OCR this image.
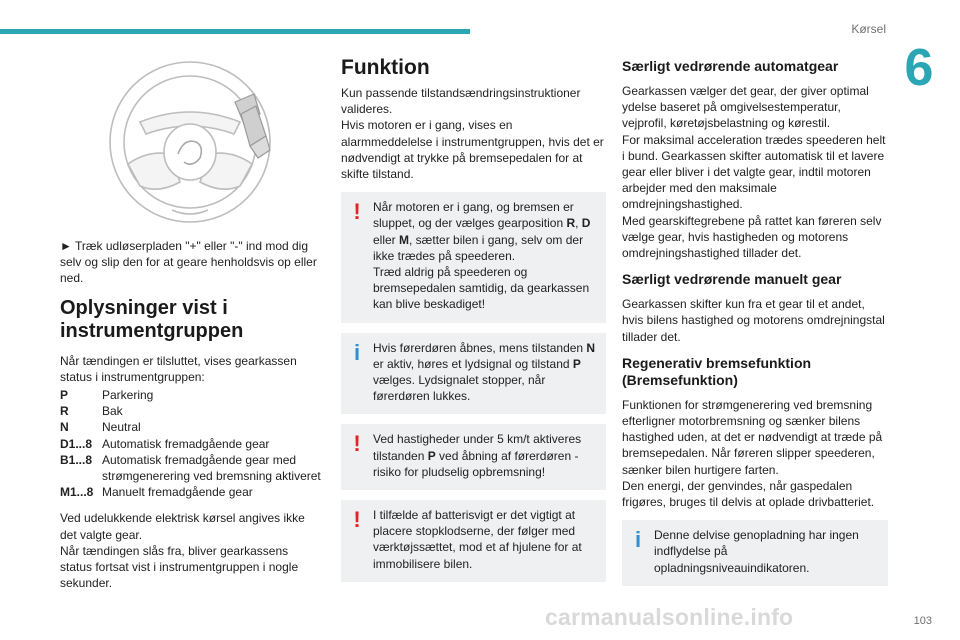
Kørsel
6

► Træk udløserpladen "+" eller "-" ind mod dig selv og slip den for at geare henholdsvis op eller ned.

Oplysninger vist i instrumentgruppen

Når tændingen er tilsluttet, vises gearkassen status i instrumentgruppen:

P	Parkering
R	Bak
N	Neutral
D1...8	Automatisk fremadgående gear
B1...8	Automatisk fremadgående gear med strømgenerering ved bremsning aktiveret
M1...8	Manuelt fremadgående gear

Ved udelukkende elektrisk kørsel angives ikke det valgte gear.

Når tændingen slås fra, bliver gearkassens status fortsat vist i instrumentgruppen i nogle sekunder.

Funktion

Kun passende tilstandsændringsinstruktioner valideres.

Hvis motoren er i gang, vises en alarmmeddelelse i instrumentgruppen, hvis det er nødvendigt at trykke på bremsepedalen for at skifte tilstand.

! Når motoren er i gang, og bremsen er sluppet, og der vælges gearposition R, D eller M, sætter bilen i gang, selv om der ikke trædes på speederen.
Træd aldrig på speederen og bremsepedalen samtidig, da gearkassen kan blive beskadiget!
i Hvis førerdøren åbnes, mens tilstanden N er aktiv, høres et lydsignal og tilstand P vælges. Lydsignalet stopper, når førerdøren lukkes.
! Ved hastigheder under 5 km/t aktiveres tilstanden P ved åbning af førerdøren - risiko for pludselig opbremsning!
! I tilfælde af batterisvigt er det vigtigt at placere stopklodserne, der følger med værktøjssættet, mod et af hjulene for at immobilisere bilen.
Særligt vedrørende automatgear

Gearkassen vælger det gear, der giver optimal ydelse baseret på omgivelsestemperatur, vejprofil, køretøjsbelastning og kørestil.

For maksimal acceleration trædes speederen helt i bund. Gearkassen skifter automatisk til et lavere gear eller bliver i det valgte gear, indtil motoren arbejder med den maksimale omdrejningshastighed.

Med gearskiftegrebene på rattet kan føreren selv vælge gear, hvis hastigheden og motorens omdrejningshastighed tillader det.

Særligt vedrørende manuelt gear

Gearkassen skifter kun fra et gear til et andet, hvis bilens hastighed og motorens omdrejningstal tillader det.

Regenerativ bremsefunktion (Bremsefunktion)

Funktionen for strømgenerering ved bremsning efterligner motorbremsning og sænker bilens hastighed uden, at det er nødvendigt at træde på bremsepedalen. Når føreren slipper speederen, sænker bilen hurtigere farten.

Den energi, der genvindes, når gaspedalen frigøres, bruges til delvis at oplade drivbatteriet.

i Denne delvise genopladning har ingen indflydelse på opladningsniveauindikatoren.
carmanualsonline.info	103
